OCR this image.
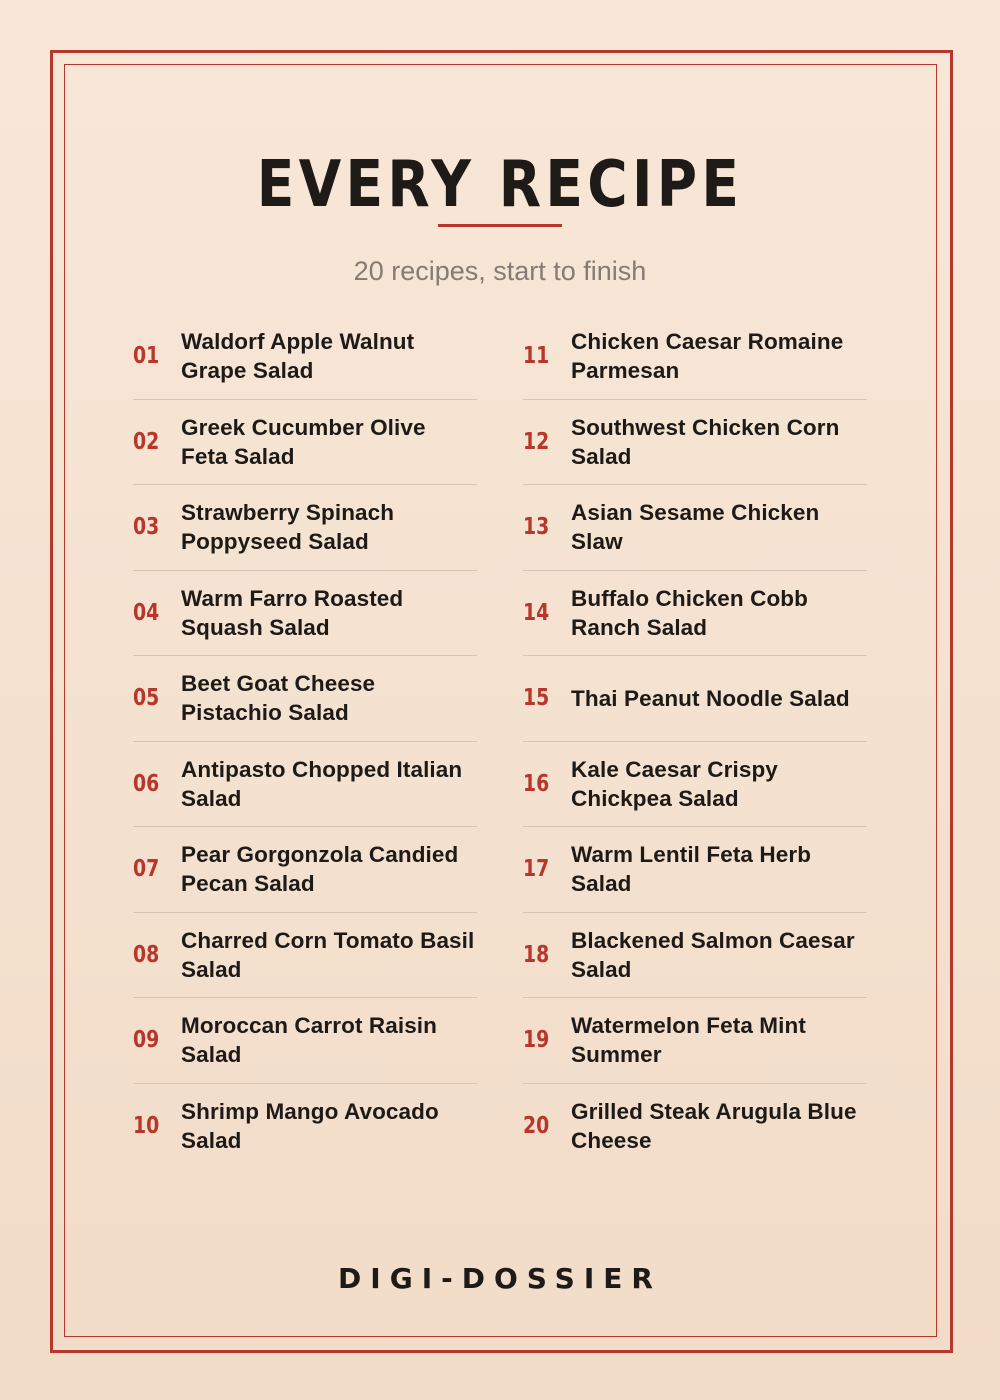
EVERY RECIPE
20 recipes, start to finish
01
Waldorf Apple Walnut Grape Salad
02
Greek Cucumber Olive Feta Salad
03
Strawberry Spinach Poppyseed Salad
04
Warm Farro Roasted Squash Salad
05
Beet Goat Cheese Pistachio Salad
06
Antipasto Chopped Italian Salad
07
Pear Gorgonzola Candied Pecan Salad
08
Charred Corn Tomato Basil Salad
09
Moroccan Carrot Raisin Salad
10
Shrimp Mango Avocado Salad
11
Chicken Caesar Romaine Parmesan
12
Southwest Chicken Corn Salad
13
Asian Sesame Chicken Slaw
14
Buffalo Chicken Cobb Ranch Salad
15 Thai Peanut Noodle Salad
16
Kale Caesar Crispy Chickpea Salad
17
Warm Lentil Feta Herb Salad
18
Blackened Salmon Caesar Salad
19
Watermelon Feta Mint Summer
20
Grilled Steak Arugula Blue Cheese
DIGI-DOSSIER
